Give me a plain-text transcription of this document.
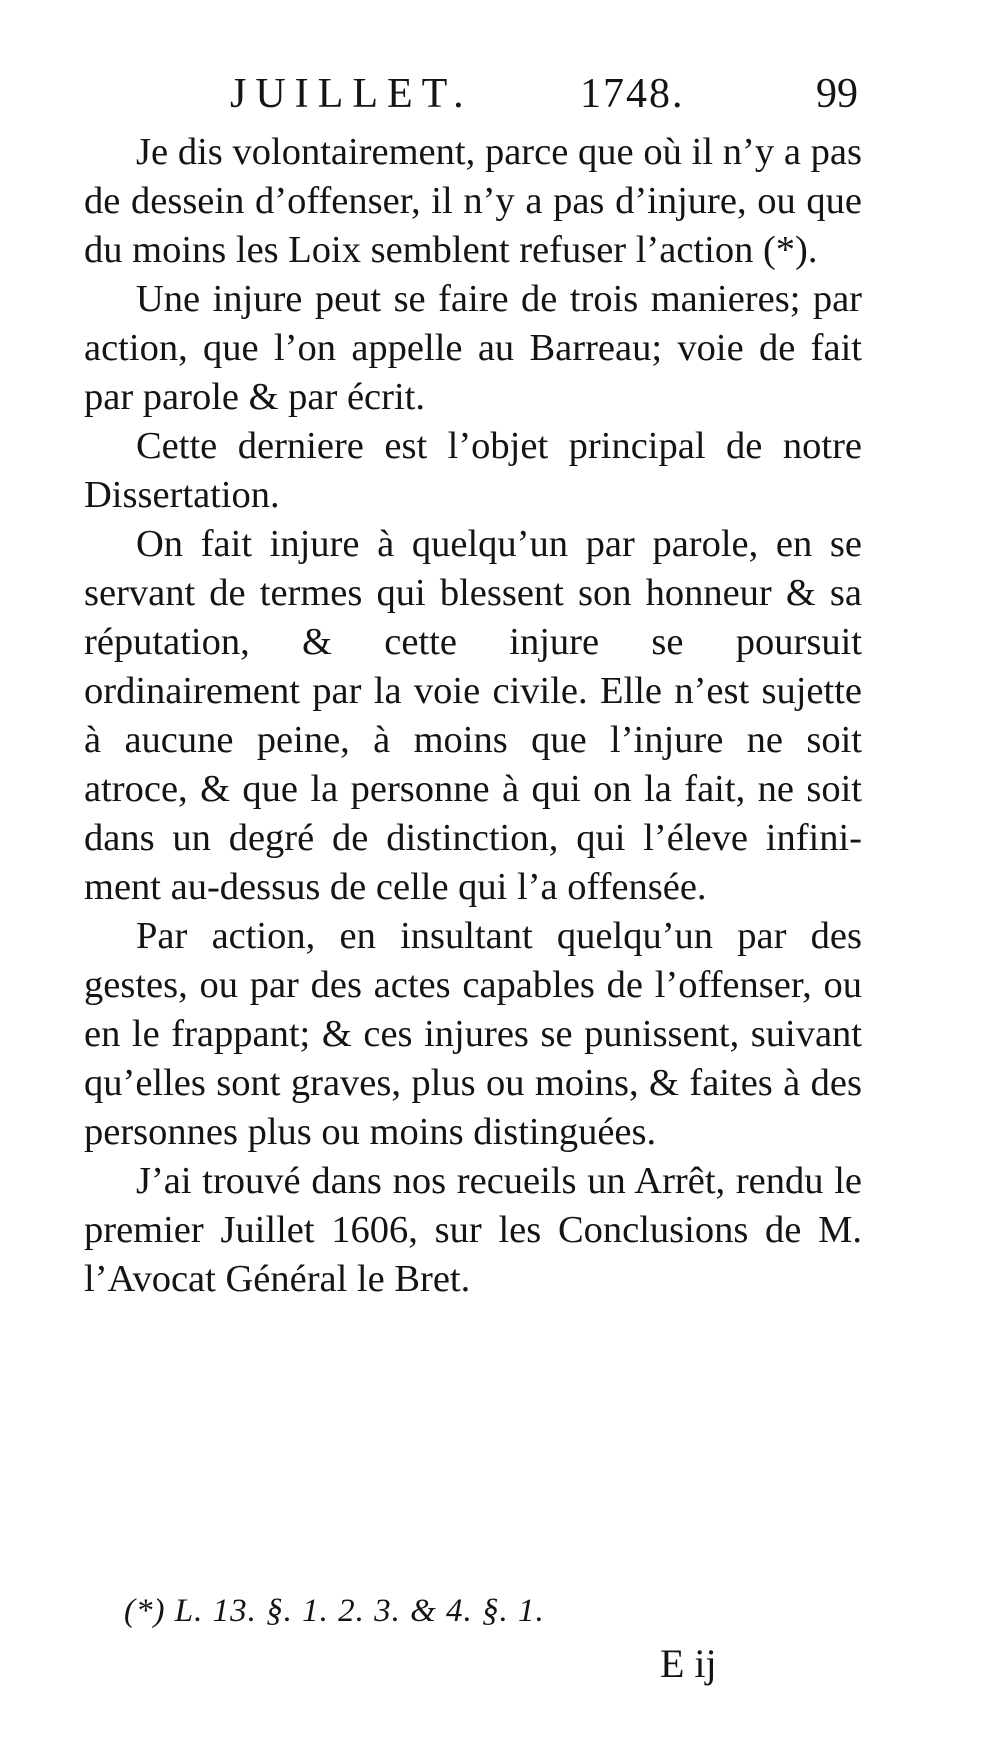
JUILLET.	1748.	99

Je dis volontairement, parce que où il n’y a pas de dessein d’offenser, il n’y a pas d’injure, ou que du moins les Loix semblent refuser l’action (*).

Une injure peut se faire de trois manieres; par action, que l’on appelle au Barreau; voie de fait par parole & par écrit.

Cette derniere est l’objet principal de notre Dissertation.

On fait injure à quelqu’un par parole, en se servant de termes qui blessent son honneur & sa réputation, & cette injure se poursuit ordinairement par la voie civile. Elle n’est sujette à aucune peine, à moins que l’injure ne soit atroce, & que la personne à qui on la fait, ne soit dans un degré de distinction, qui l’éleve infiniment au-dessus de celle qui l’a offensée.

Par action, en insultant quelqu’un par des gestes, ou par des actes capables de l’offenser, ou en le frappant; & ces injures se punissent, suivant qu’elles sont graves, plus ou moins, & faites à des personnes plus ou moins distinguées.

J’ai trouvé dans nos recueils un Arrêt, rendu le premier Juillet 1606, sur les Conclusions de M. l’Avocat Général le Bret.

(*) L. 13. §. 1. 2. 3. & 4. §. 1.
E ij
